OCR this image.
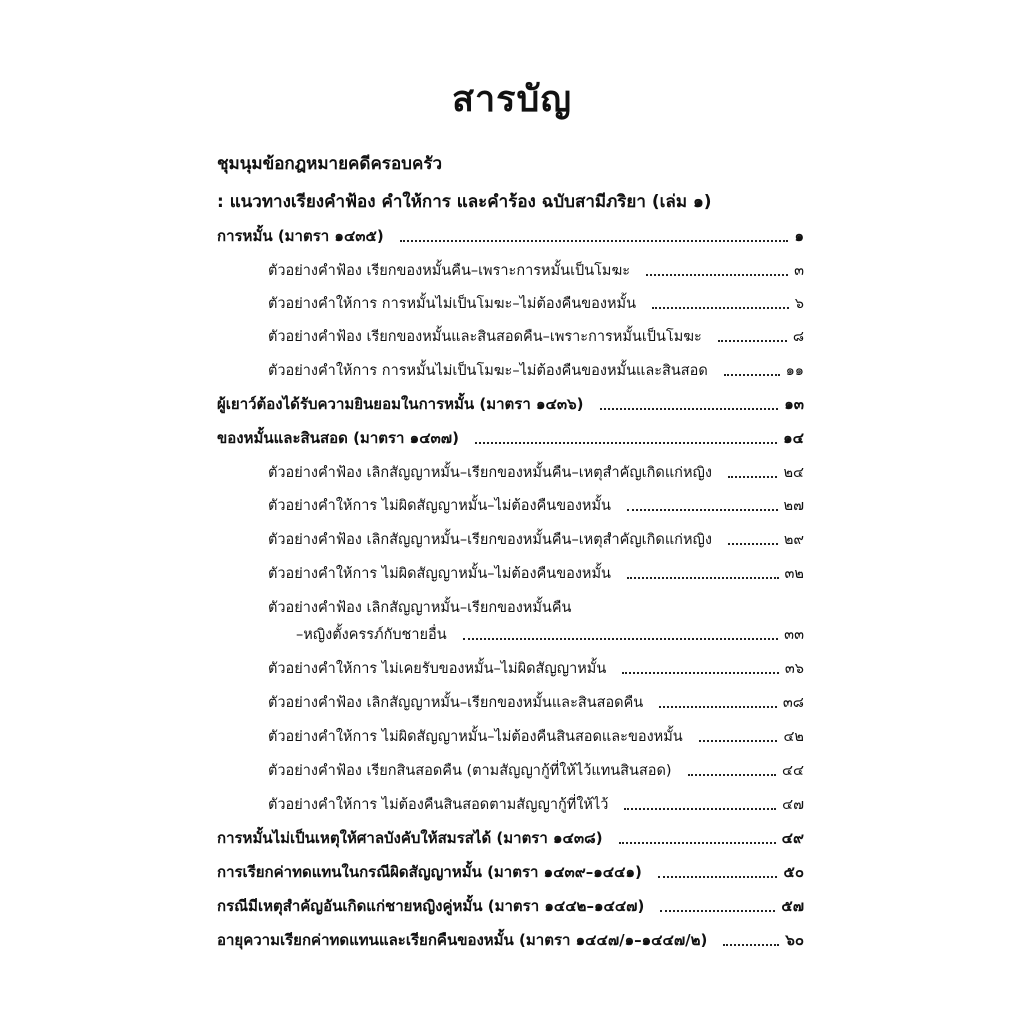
สารบัญ
ชุมนุมข้อกฎหมายคดีครอบครัว
: แนวทางเรียงคำฟ้อง คำให้การ และคำร้อง ฉบับสามีภริยา (เล่ม ๑)
การหมั้น (มาตรา ๑๔๓๕)	๑
ตัวอย่างคำฟ้อง เรียกของหมั้นคืน–เพราะการหมั้นเป็นโมฆะ	๓
ตัวอย่างคำให้การ การหมั้นไม่เป็นโมฆะ–ไม่ต้องคืนของหมั้น	๖
ตัวอย่างคำฟ้อง เรียกของหมั้นและสินสอดคืน–เพราะการหมั้นเป็นโมฆะ	๘
ตัวอย่างคำให้การ การหมั้นไม่เป็นโมฆะ–ไม่ต้องคืนของหมั้นและสินสอด	๑๑
ผู้เยาว์ต้องได้รับความยินยอมในการหมั้น (มาตรา ๑๔๓๖)	๑๓
ของหมั้นและสินสอด (มาตรา ๑๔๓๗)	๑๔
ตัวอย่างคำฟ้อง เลิกสัญญาหมั้น–เรียกของหมั้นคืน–เหตุสำคัญเกิดแก่หญิง	๒๔
ตัวอย่างคำให้การ ไม่ผิดสัญญาหมั้น–ไม่ต้องคืนของหมั้น	๒๗
ตัวอย่างคำฟ้อง เลิกสัญญาหมั้น–เรียกของหมั้นคืน–เหตุสำคัญเกิดแก่หญิง	๒๙
ตัวอย่างคำให้การ ไม่ผิดสัญญาหมั้น–ไม่ต้องคืนของหมั้น	๓๒
ตัวอย่างคำฟ้อง เลิกสัญญาหมั้น–เรียกของหมั้นคืน
–หญิงตั้งครรภ์กับชายอื่น	๓๓
ตัวอย่างคำให้การ ไม่เคยรับของหมั้น–ไม่ผิดสัญญาหมั้น	๓๖
ตัวอย่างคำฟ้อง เลิกสัญญาหมั้น–เรียกของหมั้นและสินสอดคืน	๓๘
ตัวอย่างคำให้การ ไม่ผิดสัญญาหมั้น–ไม่ต้องคืนสินสอดและของหมั้น	๔๒
ตัวอย่างคำฟ้อง เรียกสินสอดคืน (ตามสัญญากู้ที่ให้ไว้แทนสินสอด)	๔๔
ตัวอย่างคำให้การ ไม่ต้องคืนสินสอดตามสัญญากู้ที่ให้ไว้	๔๗
การหมั้นไม่เป็นเหตุให้ศาลบังคับให้สมรสได้ (มาตรา ๑๔๓๘)	๔๙
การเรียกค่าทดแทนในกรณีผิดสัญญาหมั้น (มาตรา ๑๔๓๙–๑๔๔๑)	๕๐
กรณีมีเหตุสำคัญอันเกิดแก่ชายหญิงคู่หมั้น (มาตรา ๑๔๔๒–๑๔๔๗)	๕๗
อายุความเรียกค่าทดแทนและเรียกคืนของหมั้น (มาตรา ๑๔๔๗/๑–๑๔๔๗/๒)	๖๐
